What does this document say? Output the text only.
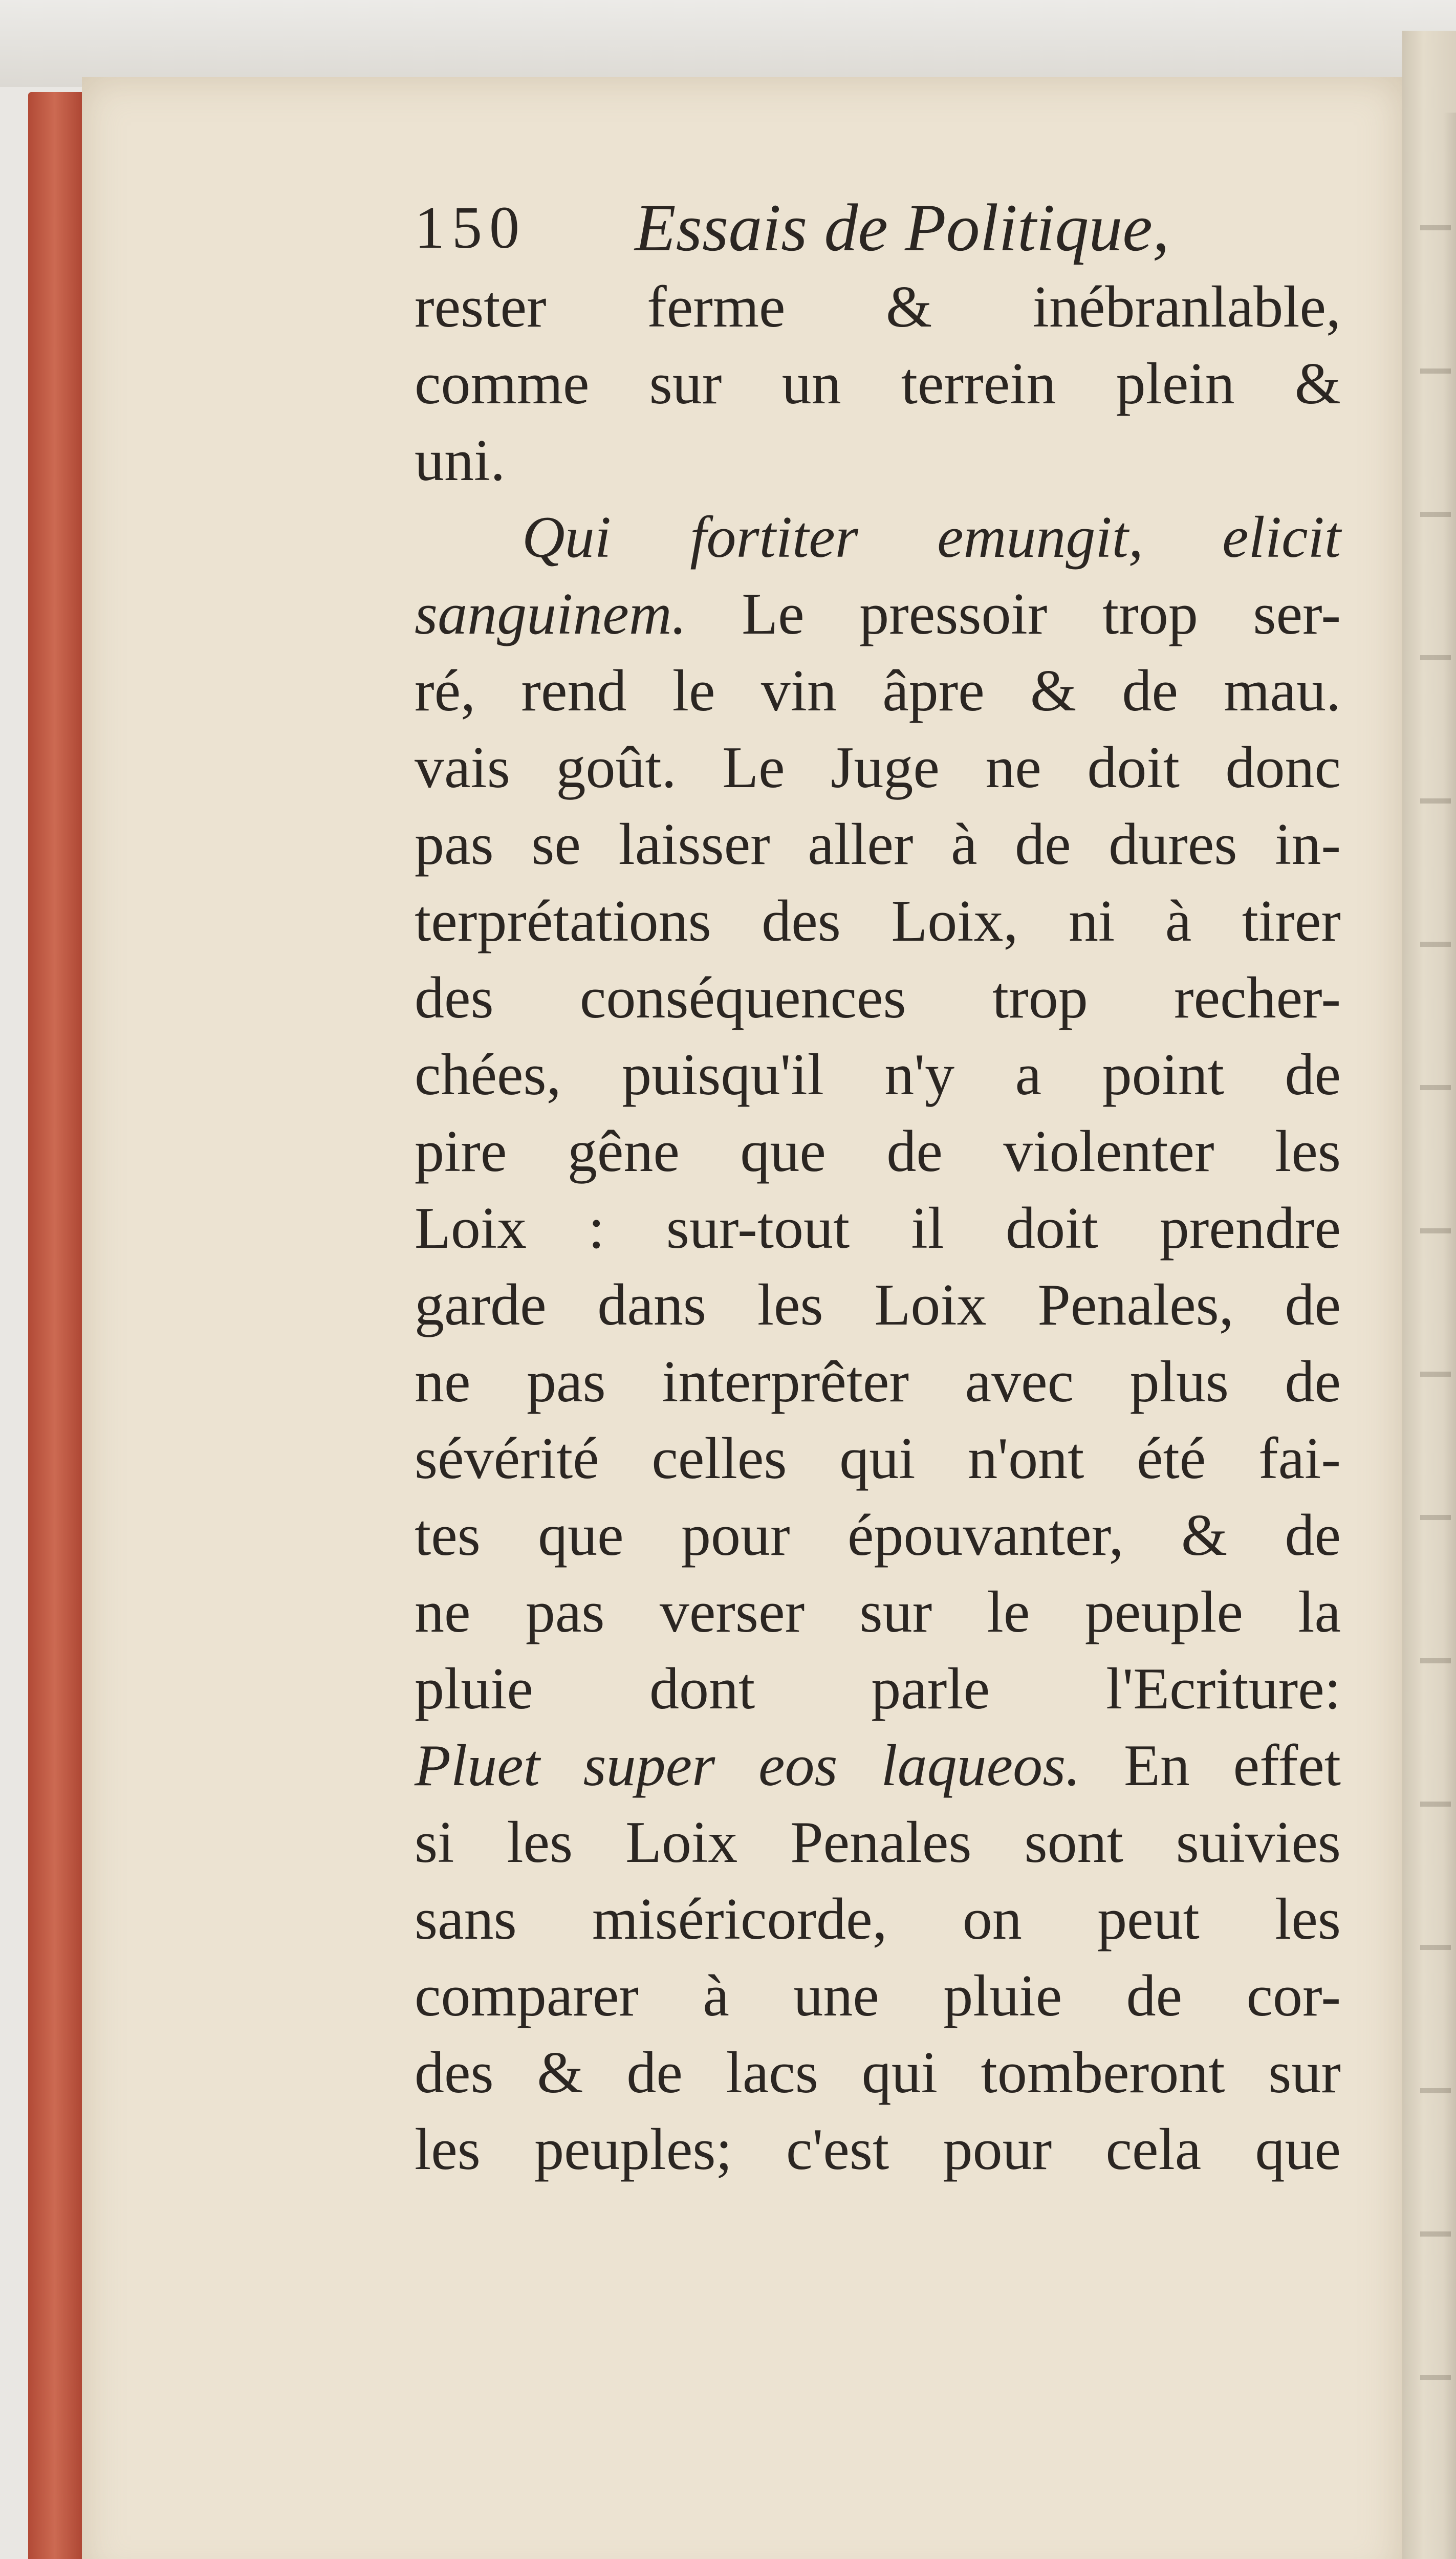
150 Essais de Politique,
rester ferme & inébranlable,
comme sur un terrein plein &
uni.
Qui fortiter emungit, elicit
sanguinem. Le pressoir trop ser-
ré, rend le vin âpre & de mau.
vais goût. Le Juge ne doit donc
pas se laisser aller à de dures in-
terprétations des Loix, ni à tirer
des conséquences trop recher-
chées, puisqu'il n'y a point de
pire gêne que de violenter les
Loix : sur-tout il doit prendre
garde dans les Loix Penales, de
ne pas interprêter avec plus de
sévérité celles qui n'ont été fai-
tes que pour épouvanter, & de
ne pas verser sur le peuple la
pluie dont parle l'Ecriture:
Pluet super eos laqueos. En effet
si les Loix Penales sont suivies
sans miséricorde, on peut les
comparer à une pluie de cor-
des & de lacs qui tomberont sur
les peuples; c'est pour cela que
